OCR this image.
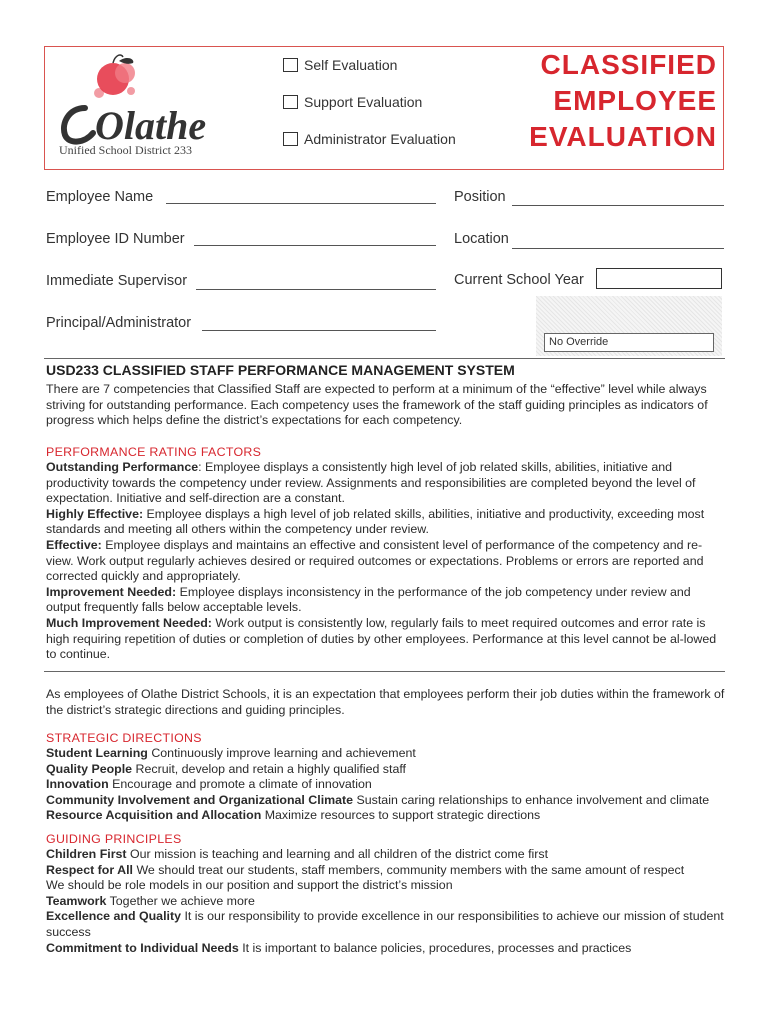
Olathe
Unified School District 233
Self Evaluation
Support Evaluation
Administrator Evaluation
CLASSIFIED
EMPLOYEE
EVALUATION
Employee Name	Position
Employee ID Number	Location
Immediate Supervisor	Current School Year
Principal/Administrator
No Override
USD233 CLASSIFIED STAFF PERFORMANCE MANAGEMENT SYSTEM
There are 7 competencies that Classified Staff are expected to perform at a minimum of the “effective” level while always striving for outstanding performance. Each competency uses the framework of the staff guiding principles as indicators of progress which helps define the district’s expectations for each competency.
PERFORMANCE RATING FACTORS

Outstanding Performance: Employee displays a consistently high level of job related skills, abilities, initiative and productivity towards the competency under review. Assignments and responsibilities are completed beyond the level of expectation. Initiative and self-direction are a constant.

Highly Effective: Employee displays a high level of job related skills, abilities, initiative and productivity, exceeding most standards and meeting all others within the competency under review.

Effective: Employee displays and maintains an effective and consistent level of performance of the competency and re-view. Work output regularly achieves desired or required outcomes or expectations. Problems or errors are reported and corrected quickly and appropriately.

Improvement Needed: Employee displays inconsistency in the performance of the job competency under review and output frequently falls below acceptable levels.

Much Improvement Needed: Work output is consistently low, regularly fails to meet required outcomes and error rate is high requiring repetition of duties or completion of duties by other employees. Performance at this level cannot be al-lowed to continue.

As employees of Olathe District Schools, it is an expectation that employees perform their job duties within the framework of the district’s strategic directions and guiding principles.
STRATEGIC DIRECTIONS

Student Learning Continuously improve learning and achievement

Quality People Recruit, develop and retain a highly qualified staff

Innovation Encourage and promote a climate of innovation

Community Involvement and Organizational Climate Sustain caring relationships to enhance involvement and climate

Resource Acquisition and Allocation Maximize resources to support strategic directions

GUIDING PRINCIPLES

Children First Our mission is teaching and learning and all children of the district come first

Respect for All We should treat our students, staff members, community members with the same amount of respect

We should be role models in our position and support the district’s mission

Teamwork Together we achieve more

Excellence and Quality It is our responsibility to provide excellence in our responsibilities to achieve our mission of student success

Commitment to Individual Needs It is important to balance policies, procedures, processes and practices
